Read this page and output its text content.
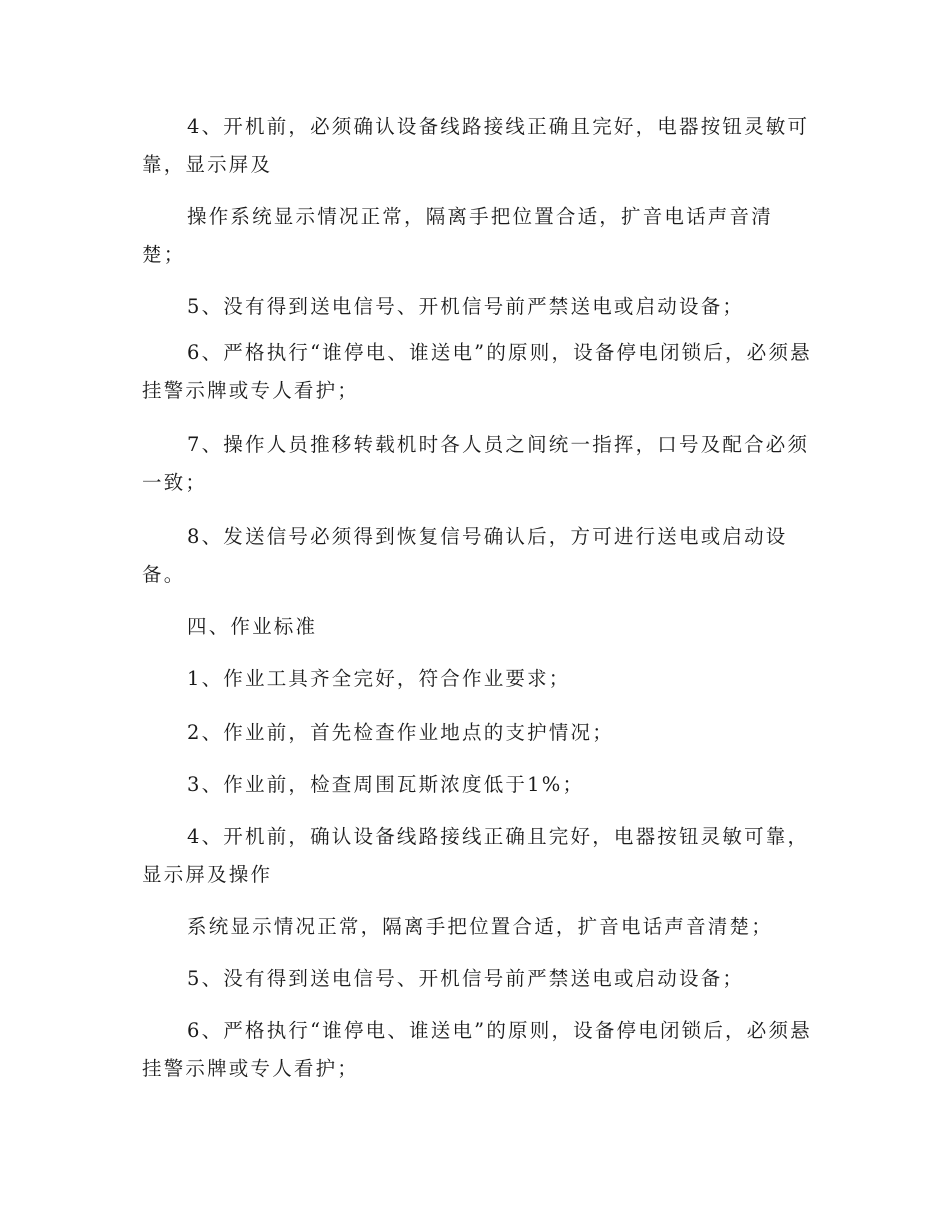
4、开机前，必须确认设备线路接线正确且完好，电器按钮灵敏可靠，显示屏及
操作系统显示情况正常，隔离手把位置合适，扩音电话声音清楚；
5、没有得到送电信号、开机信号前严禁送电或启动设备；
6、严格执行“谁停电、谁送电”的原则，设备停电闭锁后，必须悬挂警示牌或专人看护；
7、操作人员推移转载机时各人员之间统一指挥，口号及配合必须一致；
8、发送信号必须得到恢复信号确认后，方可进行送电或启动设备。
四、作业标准
1、作业工具齐全完好，符合作业要求；
2、作业前，首先检查作业地点的支护情况；
3、作业前，检查周围瓦斯浓度低于1%；
4、开机前，确认设备线路接线正确且完好，电器按钮灵敏可靠，显示屏及操作
系统显示情况正常，隔离手把位置合适，扩音电话声音清楚；
5、没有得到送电信号、开机信号前严禁送电或启动设备；
6、严格执行“谁停电、谁送电”的原则，设备停电闭锁后，必须悬挂警示牌或专人看护；
